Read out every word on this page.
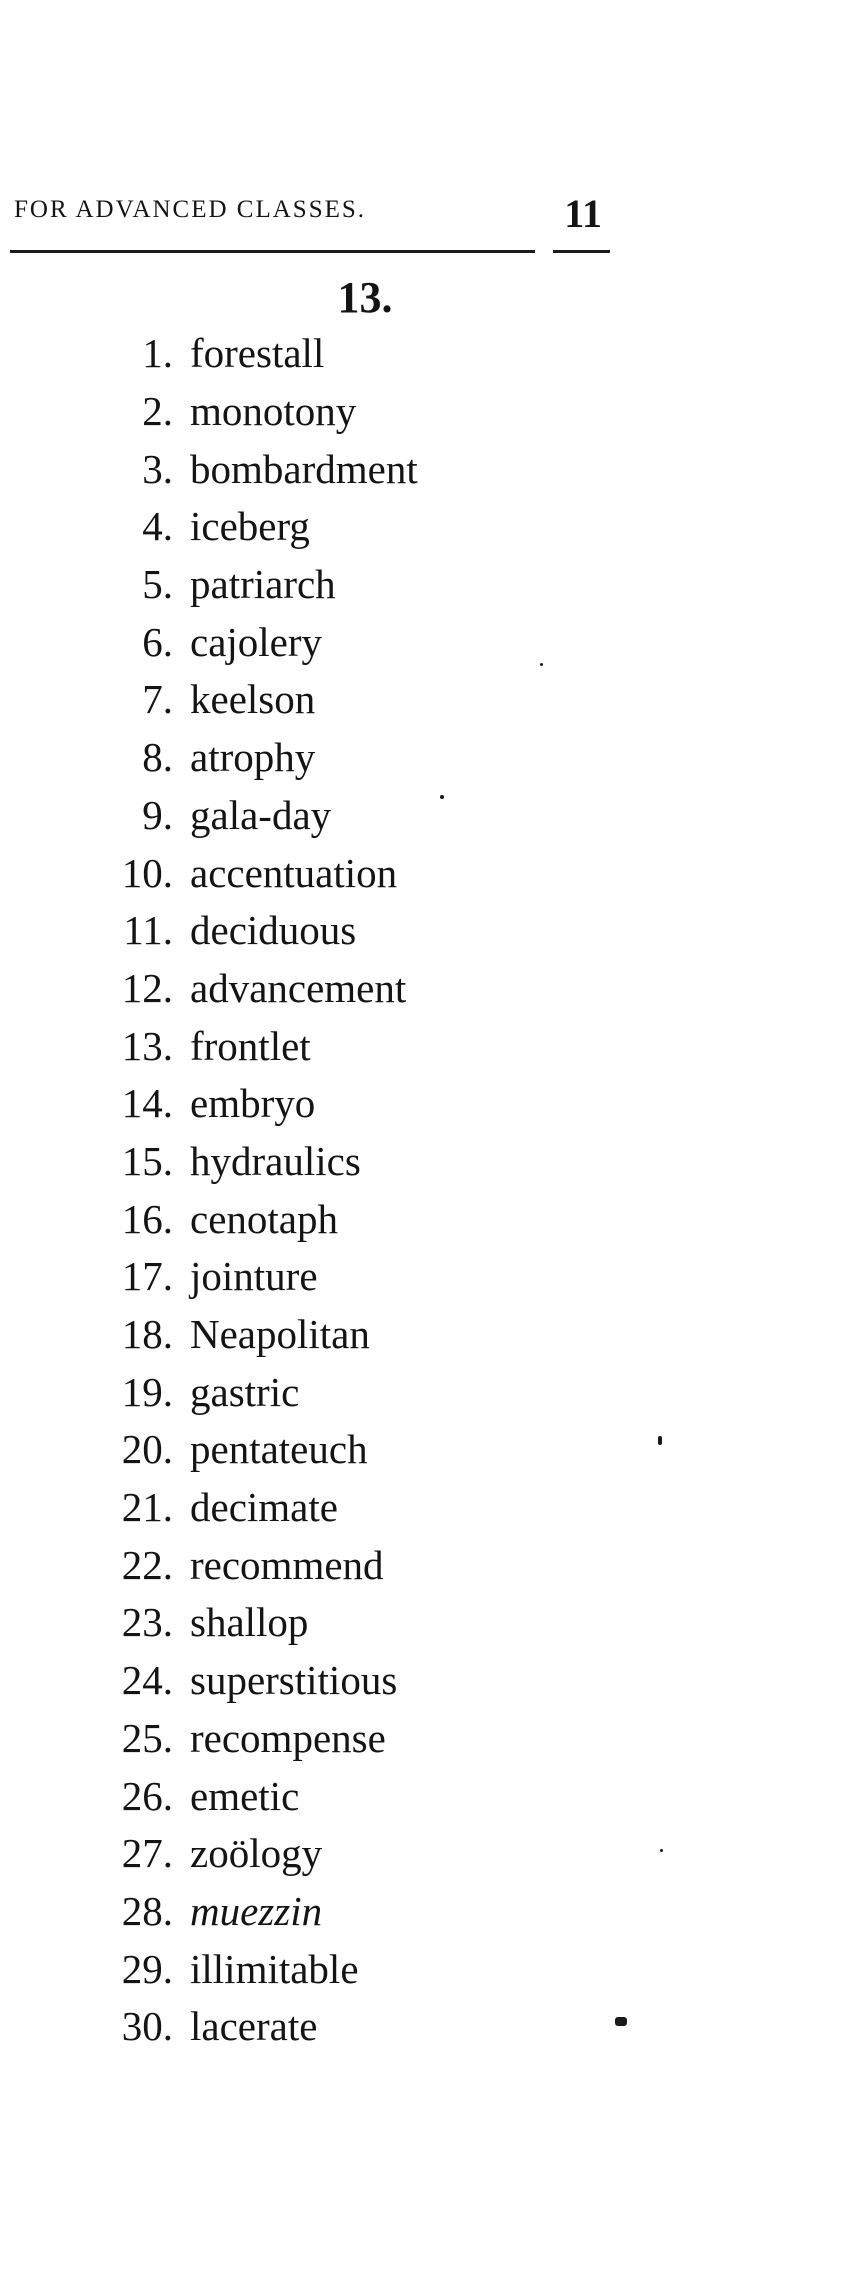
FOR ADVANCED CLASSES.	11
13.
1. forestall
2. monotony
3. bombardment
4. iceberg
5. patriarch
6. cajolery
7. keelson
8. atrophy
9. gala-day
10. accentuation
11. deciduous
12. advancement
13. frontlet
14. embryo
15. hydraulics
16. cenotaph
17. jointure
18. Neapolitan
19. gastric
20. pentateuch
21. decimate
22. recommend
23. shallop
24. superstitious
25. recompense
26. emetic
27. zoölogy
28. muezzin
29. illimitable
30. lacerate
